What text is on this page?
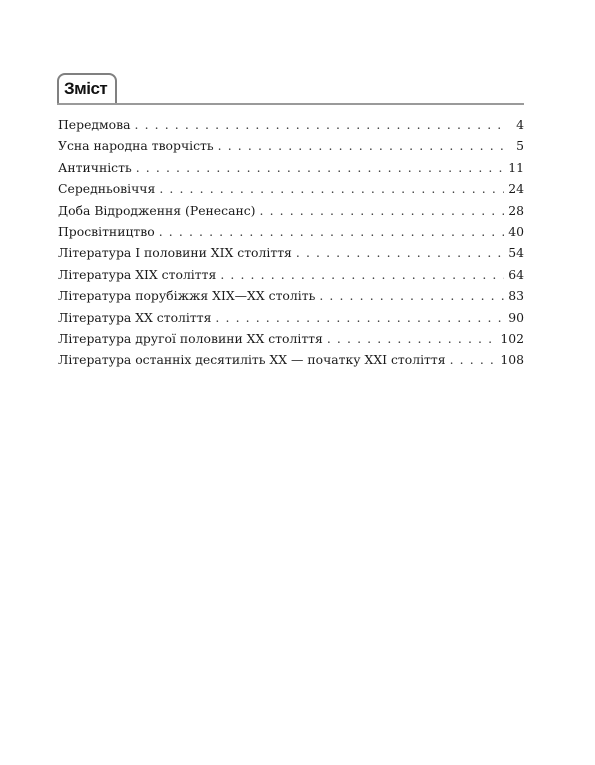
Зміст
Передмова . . .	4
Усна народна творчість . . .	5
Античність . . .	11
Середньовіччя . . .	24
Доба Відродження (Ренесанс) . . .	28
Просвітництво . . .	40
Література I половини XIX століття . . .	54
Література XIX століття . . .	64
Література порубіжжя XIX—XX століть . . .	83
Література XX століття . . .	90
Література другої половини XX століття . . .	102
Література останніх десятиліть XX — початку XXI століття . . .	108
